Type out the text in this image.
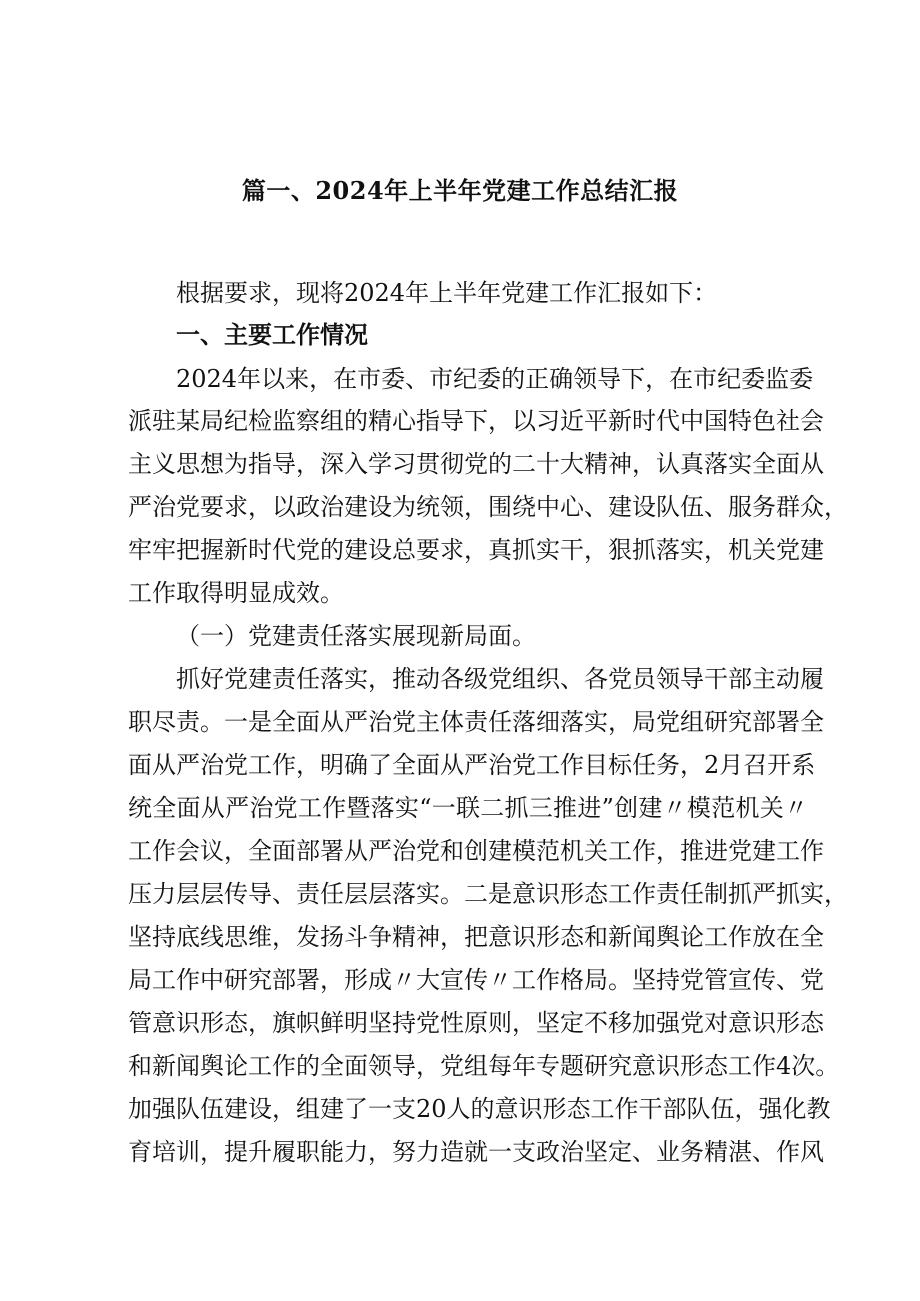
篇一、2024年上半年党建工作总结汇报
根据要求，现将2024年上半年党建工作汇报如下：
一、主要工作情况
2024年以来，在市委、市纪委的正确领导下，在市纪委监委
派驻某局纪检监察组的精心指导下，以习近平新时代中国特色社会
主义思想为指导，深入学习贯彻党的二十大精神，认真落实全面从
严治党要求，以政治建设为统领，围绕中心、建设队伍、服务群众，
牢牢把握新时代党的建设总要求，真抓实干，狠抓落实，机关党建
工作取得明显成效。
（一）党建责任落实展现新局面。
抓好党建责任落实，推动各级党组织、各党员领导干部主动履
职尽责。一是全面从严治党主体责任落细落实，局党组研究部署全
面从严治党工作，明确了全面从严治党工作目标任务，2月召开系
统全面从严治党工作暨落实“一联二抓三推进”创建〃模范机关〃
工作会议，全面部署从严治党和创建模范机关工作，推进党建工作
压力层层传导、责任层层落实。二是意识形态工作责任制抓严抓实，
坚持底线思维，发扬斗争精神，把意识形态和新闻舆论工作放在全
局工作中研究部署，形成〃大宣传〃工作格局。坚持党管宣传、党
管意识形态，旗帜鲜明坚持党性原则，坚定不移加强党对意识形态
和新闻舆论工作的全面领导，党组每年专题研究意识形态工作4次。
加强队伍建设，组建了一支20人的意识形态工作干部队伍，强化教
育培训，提升履职能力，努力造就一支政治坚定、业务精湛、作风
